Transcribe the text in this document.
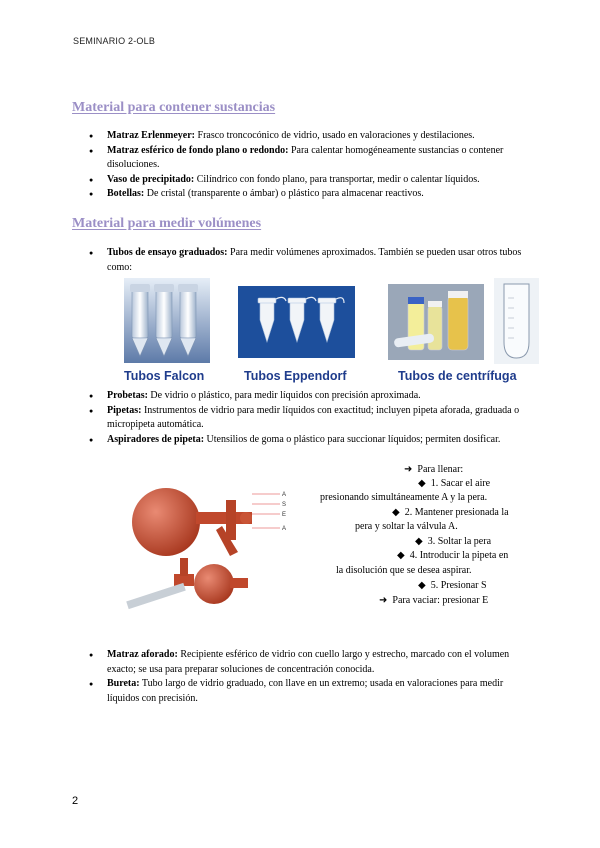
SEMINARIO 2-OLB
Material para contener sustancias
● Matraz Erlenmeyer: Frasco troncocónico de vidrio, usado en valoraciones y destilaciones.
● Matraz esférico de fondo plano o redondo: Para calentar homogéneamente sustancias o contener disoluciones.
● Vaso de precipitado: Cilíndrico con fondo plano, para transportar, medir o calentar líquidos.
● Botellas: De cristal (transparente o ámbar) o plástico para almacenar reactivos.
Material para medir volúmenes
● Tubos de ensayo graduados: Para medir volúmenes aproximados. También se pueden usar otros tubos como:
Tubos Falcon	Tubos Eppendorf	Tubos de centrífuga
● Probetas: De vidrio o plástico, para medir líquidos con precisión aproximada.
● Pipetas: Instrumentos de vidrio para medir líquidos con exactitud; incluyen pipeta aforada, graduada o micropipeta automática.
● Aspiradores de pipeta: Utensilios de goma o plástico para succionar líquidos; permiten dosificar.
A
S
E
A
➜ Para llenar:
◆ 1. Sacar el aire
presionando simultáneamente A y la pera.
◆ 2. Mantener presionada la
pera y soltar la válvula A.
◆ 3. Soltar la pera
◆ 4. Introducir la pipeta en
la disolución que se desea aspirar.
◆ 5. Presionar S
➜ Para vaciar: presionar E
● Matraz aforado: Recipiente esférico de vidrio con cuello largo y estrecho, marcado con el volumen exacto; se usa para preparar soluciones de concentración conocida.
● Bureta: Tubo largo de vidrio graduado, con llave en un extremo; usada en valoraciones para medir líquidos con precisión.
2
